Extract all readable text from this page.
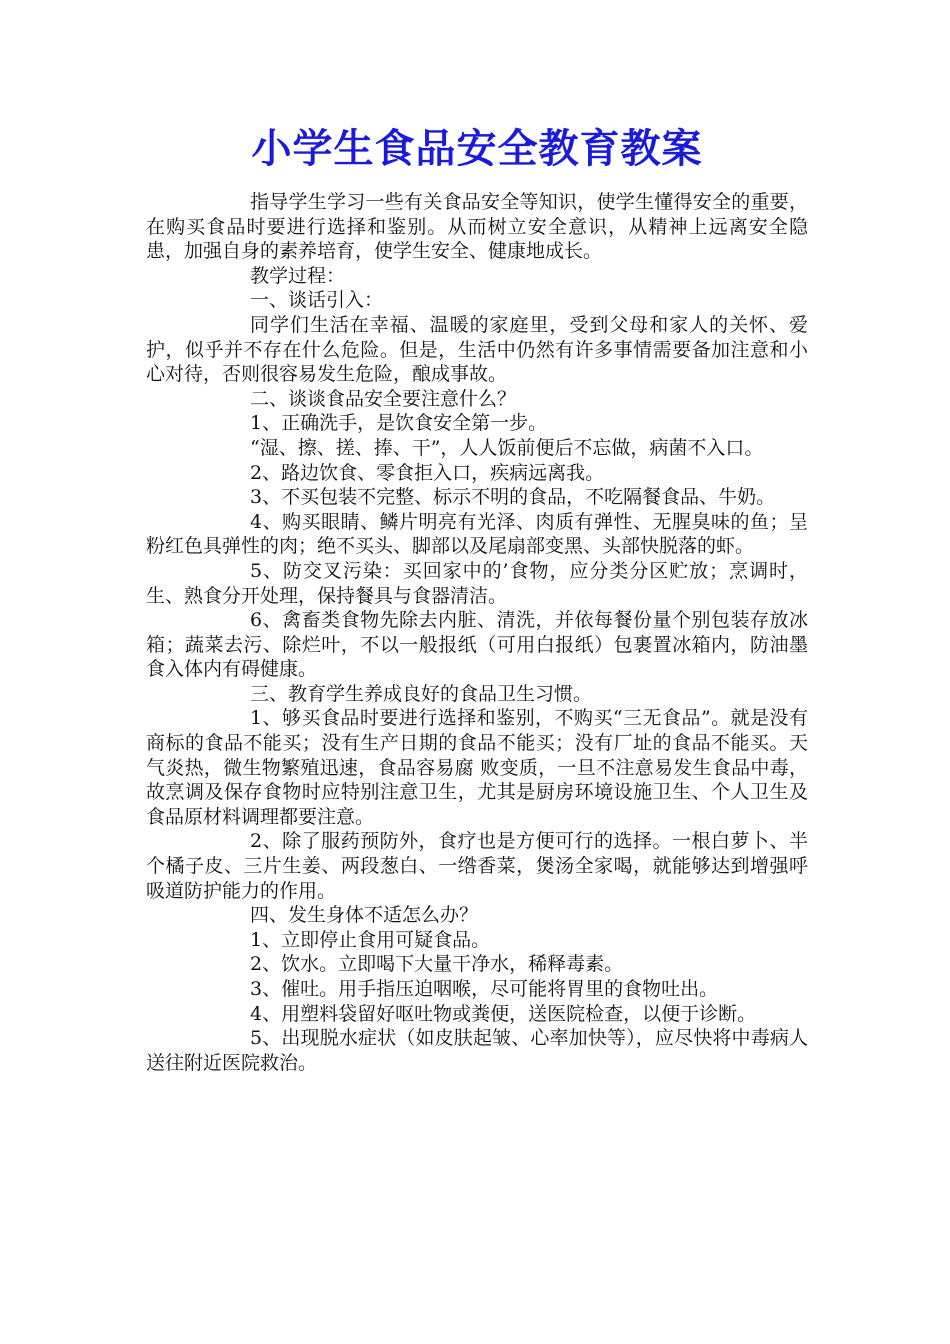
小学生食品安全教育教案

指导学生学习一些有关食品安全等知识，使学生懂得安全的重要，在购买食品时要进行选择和鉴别。从而树立安全意识，从精神上远离安全隐患，加强自身的素养培育，使学生安全、健康地成长。

教学过程：

一、谈话引入：

同学们生活在幸福、温暖的家庭里，受到父母和家人的关怀、爱护，似乎并不存在什么危险。但是，生活中仍然有许多事情需要备加注意和小心对待，否则很容易发生危险，酿成事故。

二、谈谈食品安全要注意什么？

1、正确洗手，是饮食安全第一步。

“湿、擦、搓、捧、干”，人人饭前便后不忘做，病菌不入口。

2、路边饮食、零食拒入口，疾病远离我。

3、不买包装不完整、标示不明的食品，不吃隔餐食品、牛奶。

4、购买眼睛、鳞片明亮有光泽、肉质有弹性、无腥臭味的鱼；呈粉红色具弹性的肉；绝不买头、脚部以及尾扇部变黑、头部快脱落的虾。

5、防交叉污染：买回家中的’食物，应分类分区贮放；烹调时，生、熟食分开处理，保持餐具与食器清洁。

6、禽畜类食物先除去内脏、清洗，并依每餐份量个别包装存放冰箱；蔬菜去污、除烂叶，不以一般报纸（可用白报纸）包裹置冰箱内，防油墨食入体内有碍健康。

三、教育学生养成良好的食品卫生习惯。

1、够买食品时要进行选择和鉴别，不购买“三无食品”。就是没有商标的食品不能买；没有生产日期的食品不能买；没有厂址的食品不能买。天气炎热，微生物繁殖迅速，食品容易腐 败变质，一旦不注意易发生食品中毒，故烹调及保存食物时应特别注意卫生，尤其是厨房环境设施卫生、个人卫生及食品原材料调理都要注意。

2、除了服药预防外，食疗也是方便可行的选择。一根白萝卜、半个橘子皮、三片生姜、两段葱白、一绺香菜，煲汤全家喝，就能够达到增强呼吸道防护能力的作用。

四、发生身体不适怎么办？

1、立即停止食用可疑食品。

2、饮水。立即喝下大量干净水，稀释毒素。

3、催吐。用手指压迫咽喉，尽可能将胃里的食物吐出。

4、用塑料袋留好呕吐物或粪便，送医院检查，以便于诊断。

5、出现脱水症状（如皮肤起皱、心率加快等），应尽快将中毒病人送往附近医院救治。
